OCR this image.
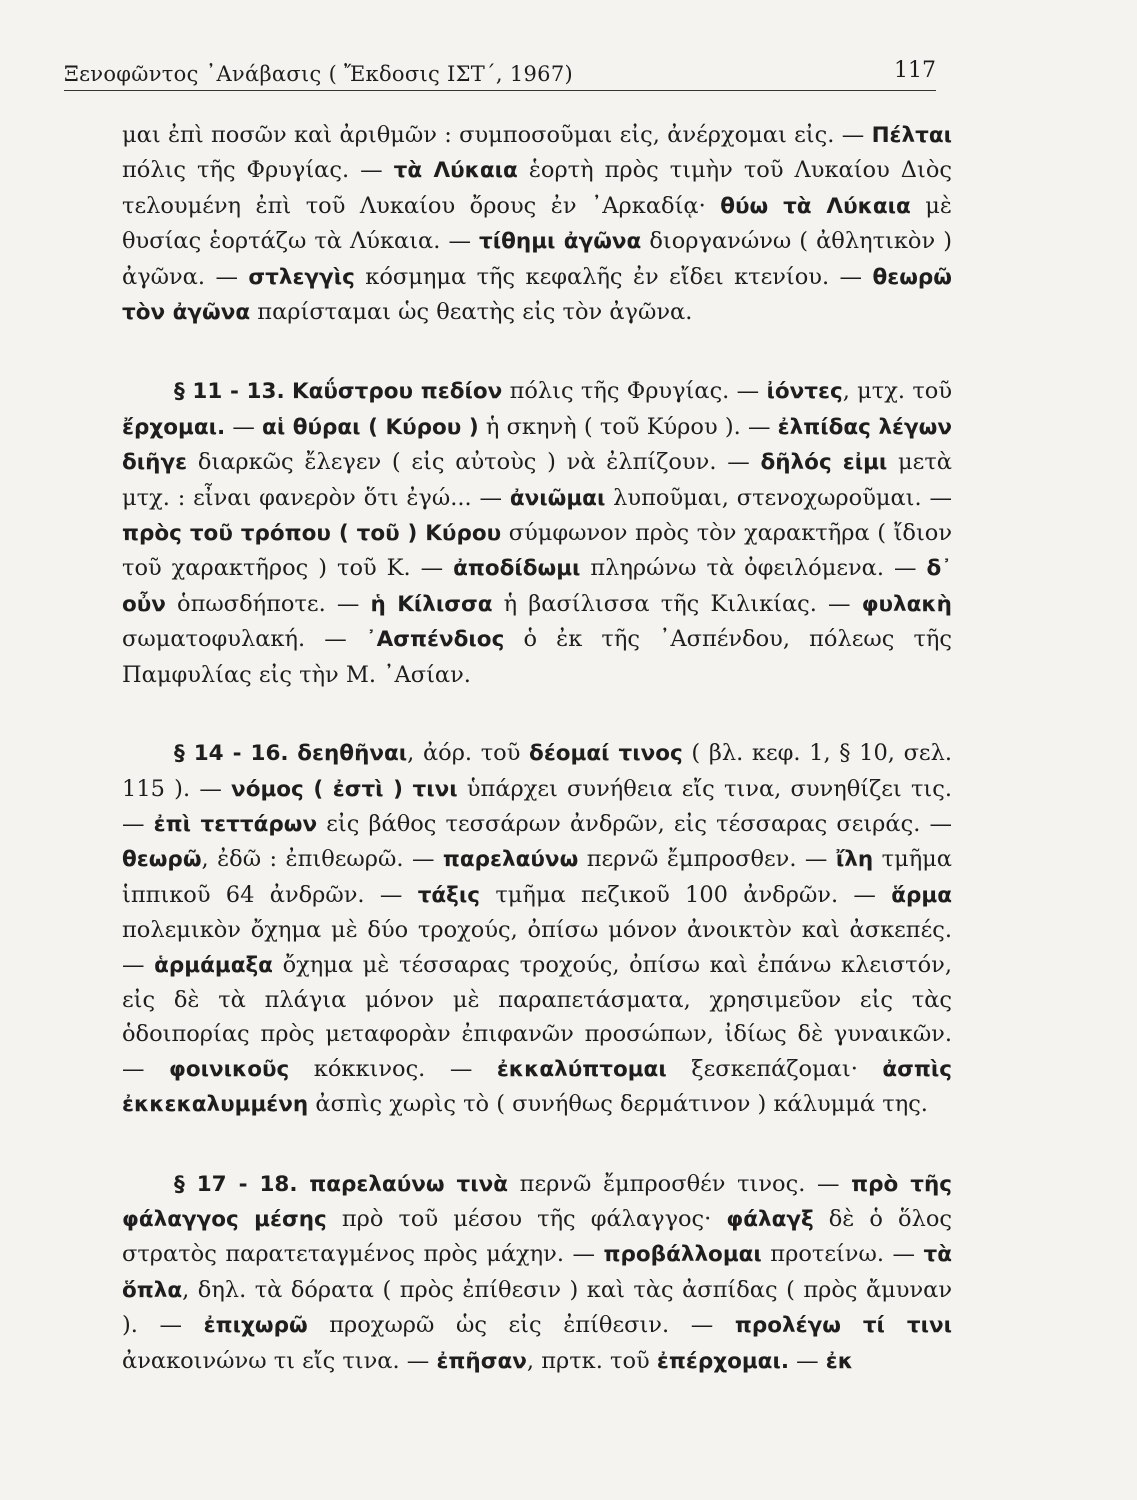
Ξενοφῶντος ᾿Ανάβασις ( Ἔκδοσις ΙΣΤ΄, 1967)	117

μαι ἐπὶ ποσῶν καὶ ἀριθμῶν : συμποσοῦμαι εἰς, ἀνέρχομαι εἰς. — Πέλται πόλις τῆς Φρυγίας. — τὰ Λύκαια ἑορτὴ πρὸς τιμὴν τοῦ Λυκαίου Διὸς τελουμένη ἐπὶ τοῦ Λυκαίου ὄρους ἐν ᾿Αρκαδίᾳ· θύω τὰ Λύκαια μὲ θυσίας ἑορτάζω τὰ Λύκαια. — τίθημι ἀγῶνα διοργανώνω ( ἀθλητικὸν ) ἀγῶνα. — στλεγγὶς κόσμημα τῆς κεφαλῆς ἐν εἴδει κτενίου. — θεωρῶ τὸν ἀγῶνα παρίσταμαι ὡς θεατὴς εἰς τὸν ἀγῶνα.

§ 11 - 13. Καΰστρου πεδίον πόλις τῆς Φρυγίας. — ἰόντες, μτχ. τοῦ ἔρχομαι. — αἱ θύραι ( Κύρου ) ἡ σκηνὴ ( τοῦ Κύρου ). — ἐλπίδας λέγων διῆγε διαρκῶς ἔλεγεν ( εἰς αὐτοὺς ) νὰ ἐλπίζουν. — δῆλός εἰμι μετὰ μτχ. : εἶναι φανερὸν ὅτι ἐγώ... — ἀνιῶμαι λυποῦμαι, στενοχωροῦμαι. — πρὸς τοῦ τρόπου ( τοῦ ) Κύρου σύμφωνον πρὸς τὸν χαρακτῆρα ( ἴδιον τοῦ χαρακτῆρος ) τοῦ Κ. — ἀποδίδωμι πληρώνω τὰ ὀφειλόμενα. — δ᾿ οὖν ὁπωσδήποτε. — ἡ Κίλισσα ἡ βασίλισσα τῆς Κιλικίας. — φυλακὴ σωματοφυλακή. — ᾿Ασπένδιος ὁ ἐκ τῆς ᾿Ασπένδου, πόλεως τῆς Παμφυλίας εἰς τὴν Μ. ᾿Ασίαν.

§ 14 - 16. δεηθῆναι, ἀόρ. τοῦ δέομαί τινος ( βλ. κεφ. 1, § 10, σελ. 115 ). — νόμος ( ἐστὶ ) τινι ὑπάρχει συνήθεια εἴς τινα, συνηθίζει τις. — ἐπὶ τεττάρων εἰς βάθος τεσσάρων ἀνδρῶν, εἰς τέσσαρας σειράς. — θεωρῶ, ἐδῶ : ἐπιθεωρῶ. — παρελαύνω περνῶ ἔμπροσθεν. — ἴλη τμῆμα ἱππικοῦ 64 ἀνδρῶν. — τάξις τμῆμα πεζικοῦ 100 ἀνδρῶν. — ἅρμα πολεμικὸν ὄχημα μὲ δύο τροχούς, ὀπίσω μόνον ἀνοικτὸν καὶ ἀσκεπές. — ἁρμάμαξα ὄχημα μὲ τέσσαρας τροχούς, ὀπίσω καὶ ἐπάνω κλειστόν, εἰς δὲ τὰ πλάγια μόνον μὲ παραπετάσματα, χρησιμεῦον εἰς τὰς ὁδοιπορίας πρὸς μεταφορὰν ἐπιφανῶν προσώπων, ἰδίως δὲ γυναικῶν. — φοινικοῦς κόκκινος. — ἐκκαλύπτομαι ξεσκεπάζομαι· ἀσπὶς ἐκκεκαλυμμένη ἀσπὶς χωρὶς τὸ ( συνήθως δερμάτινον ) κάλυμμά της.

§ 17 - 18. παρελαύνω τινὰ περνῶ ἔμπροσθέν τινος. — πρὸ τῆς φάλαγγος μέσης πρὸ τοῦ μέσου τῆς φάλαγγος· φάλαγξ δὲ ὁ ὅλος στρατὸς παρατεταγμένος πρὸς μάχην. — προβάλλομαι προτείνω. — τὰ ὅπλα, δηλ. τὰ δόρατα ( πρὸς ἐπίθεσιν ) καὶ τὰς ἀσπίδας ( πρὸς ἄμυναν ). — ἐπιχωρῶ προχωρῶ ὡς εἰς ἐπίθεσιν. — προλέγω τί τινι ἀνακοινώνω τι εἴς τινα. — ἐπῆσαν, πρτκ. τοῦ ἐπέρχομαι. — ἐκ
